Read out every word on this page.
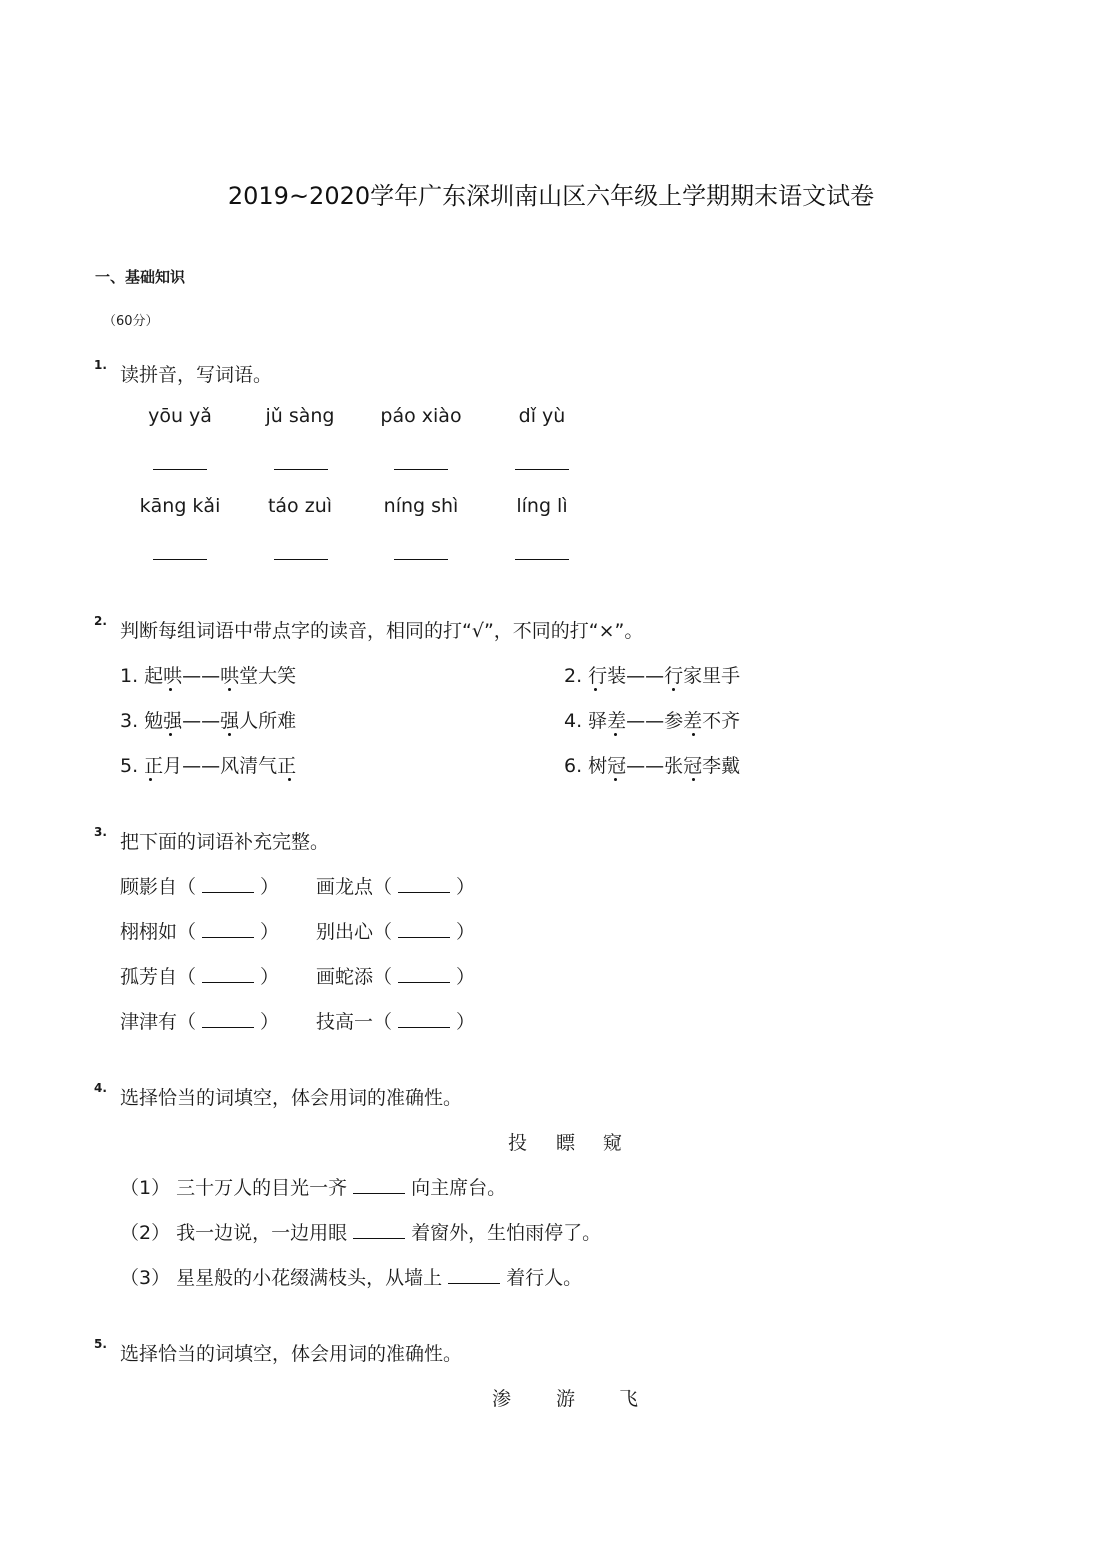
2019~2020学年广东深圳南山区六年级上学期期末语文试卷
一、基础知识
（60分）
1. 读拼音，写词语。
yōu yǎ	jǔ sàng	páo xiào	dǐ yù
kāng kǎi	táo zuì	níng shì	líng lì
2. 判断每组词语中带点字的读音，相同的打“√”，不同的打“×”。
1. 起哄——哄堂大笑	2. 行装——行家里手
3. 勉强——强人所难	4. 驿差——参差不齐
5. 正月——风清气正	6. 树冠——张冠李戴
3. 把下面的词语补充完整。
顾影自（	） 画龙点（	）
栩栩如（	） 别出心（	）
孤芳自（	） 画蛇添（	）
津津有（	） 技高一（	）
4. 选择恰当的词填空，体会用词的准确性。
投 瞟 窥
（1） 三十万人的目光一齐	向主席台。
（2） 我一边说，一边用眼	着窗外，生怕雨停了。
（3） 星星般的小花缀满枝头，从墙上	着行人。
5. 选择恰当的词填空，体会用词的准确性。
渗 游 飞
